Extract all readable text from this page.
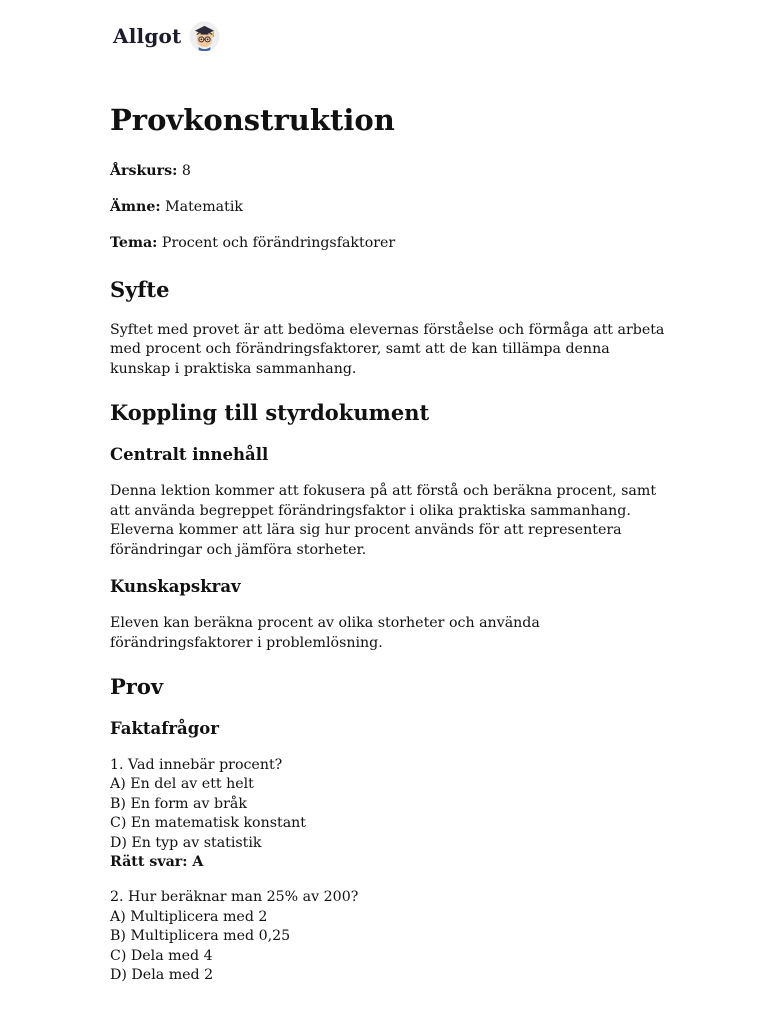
Allgot
Provkonstruktion
Årskurs: 8
Ämne: Matematik
Tema: Procent och förändringsfaktorer
Syfte

Syftet med provet är att bedöma elevernas förståelse och förmåga att arbeta
med procent och förändringsfaktorer, samt att de kan tillämpa denna
kunskap i praktiska sammanhang.

Koppling till styrdokument
Centralt innehåll

Denna lektion kommer att fokusera på att förstå och beräkna procent, samt
att använda begreppet förändringsfaktor i olika praktiska sammanhang.
Eleverna kommer att lära sig hur procent används för att representera
förändringar och jämföra storheter.

Kunskapskrav

Eleven kan beräkna procent av olika storheter och använda
förändringsfaktorer i problemlösning.

Prov
Faktafrågor
1. Vad innebär procent?
A) En del av ett helt
B) En form av bråk
C) En matematisk konstant
D) En typ av statistik
Rätt svar: A
2. Hur beräknar man 25% av 200?
A) Multiplicera med 2
B) Multiplicera med 0,25
C) Dela med 4
D) Dela med 2
